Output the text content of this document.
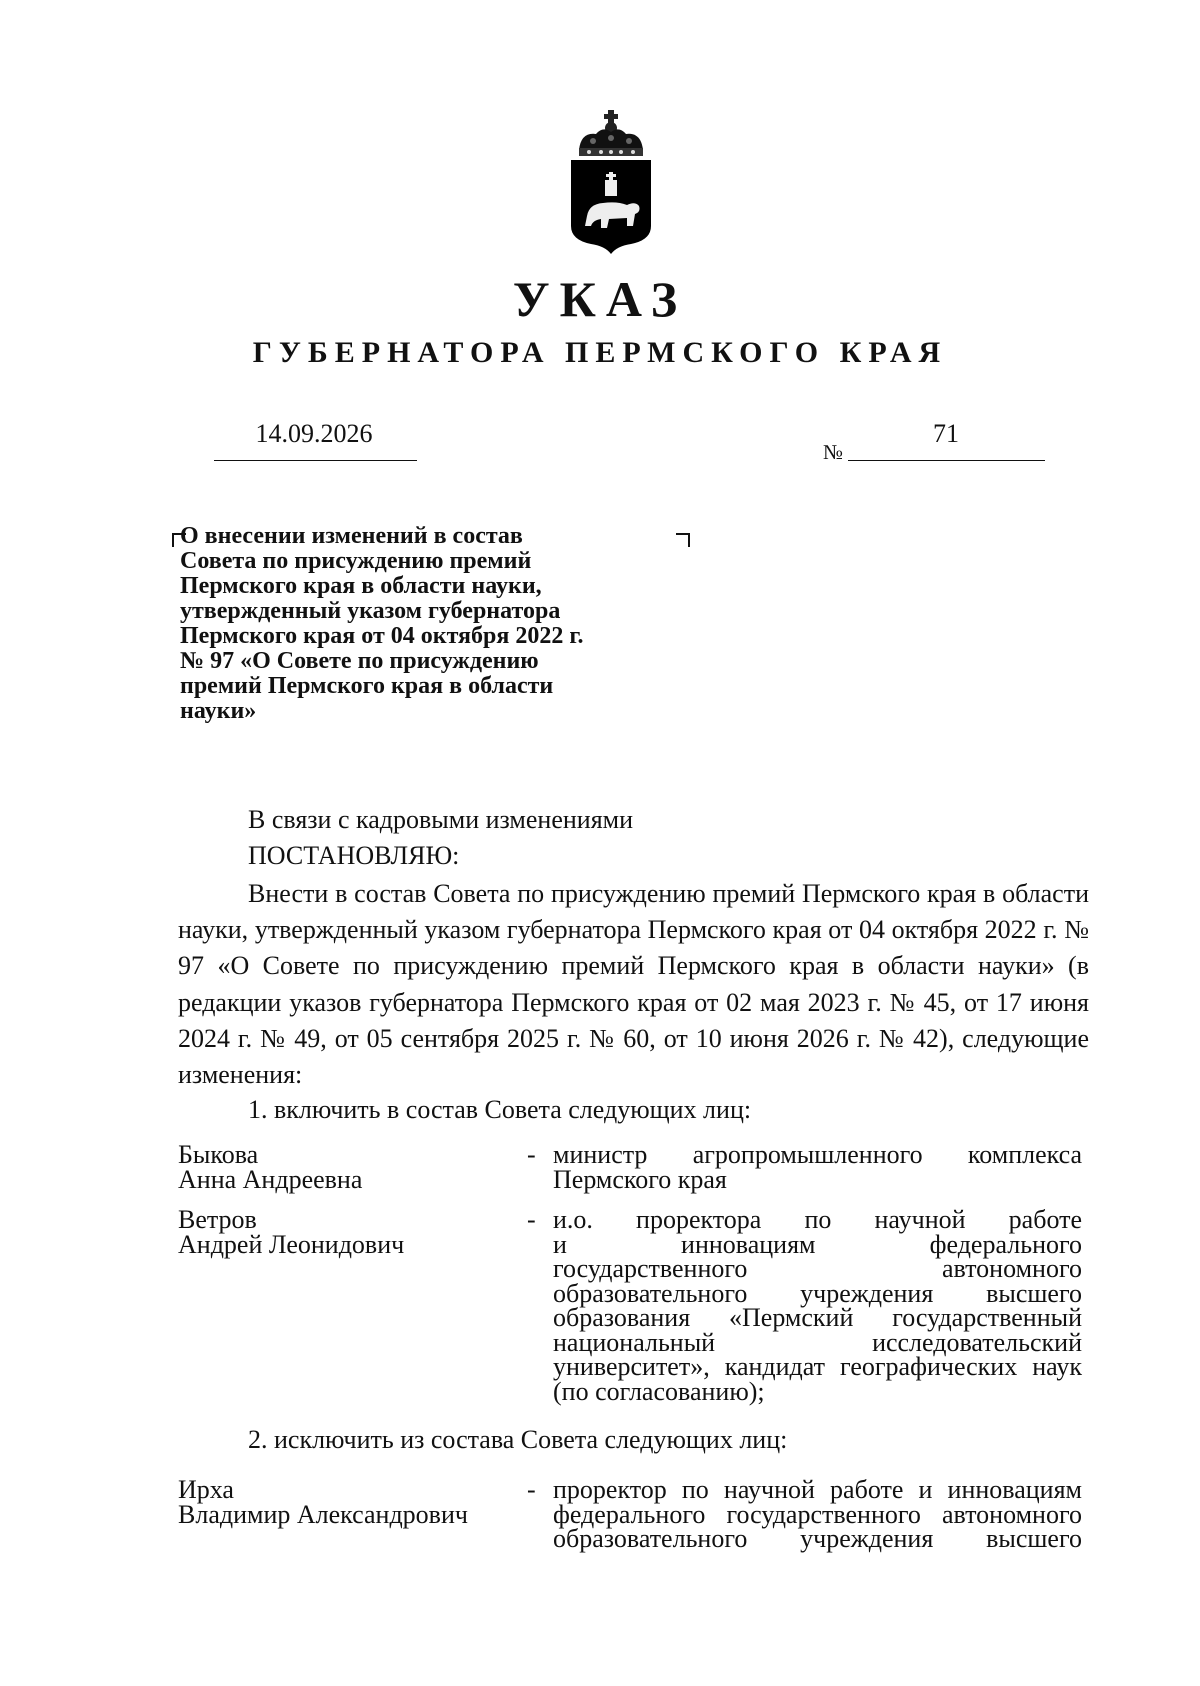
УКАЗ
ГУБЕРНАТОРА ПЕРМСКОГО КРАЯ
14.09.2026
№
71
О внесении изменений в состав
Совета по присуждению премий
Пермского края в области науки,
утвержденный указом губернатора
Пермского края от 04 октября 2022 г.
№ 97 «О Совете по присуждению
премий Пермского края в области
науки»

В связи с кадровыми изменениями

ПОСТАНОВЛЯЮ:

Внести в состав Совета по присуждению премий Пермского края в области науки, утвержденный указом губернатора Пермского края от 04 октября 2022 г. № 97 «О Совете по присуждению премий Пермского края в области науки» (в редакции указов губернатора Пермского края от 02 мая 2023 г. № 45, от 17 июня 2024 г. № 49, от 05 сентября 2025 г. № 60, от 10 июня 2026 г. № 42), следующие изменения:

1. включить в состав Совета следующих лиц:

Быкова
Анна Андреевна
- министр агропромышленного комплекса
Пермского края
Ветров
Андрей Леонидович
- и.о. проректора по научной работе
и инновациям федерального
государственного автономного
образовательного учреждения высшего
образования «Пермский государственный
национальный исследовательский
университет», кандидат географических наук
(по согласованию);

2. исключить из состава Совета следующих лиц:

Ирха
Владимир Александрович
- проректор по научной работе и инновациям
федерального государственного автономного
образовательного учреждения высшего
